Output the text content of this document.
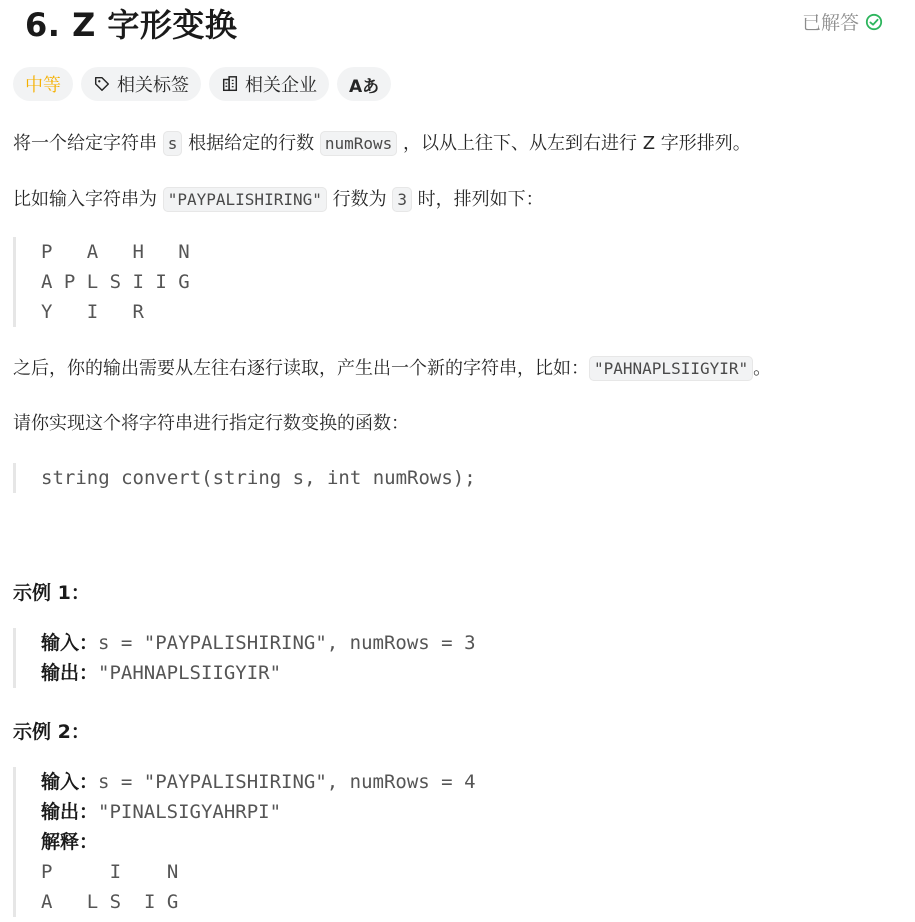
6. Z 字形变换	已解答
中等	相关标签	相关企业 Aあ
将一个给定字符串 s 根据给定的行数 numRows ，以从上往下、从左到右进行 Z 字形排列。
比如输入字符串为 "PAYPALISHIRING" 行数为 3 时，排列如下：
P   A   H   N
A P L S I I G
Y   I   R
之后，你的输出需要从左往右逐行读取，产生出一个新的字符串，比如： "PAHNAPLSIIGYIR" 。
请你实现这个将字符串进行指定行数变换的函数：
string convert(string s, int numRows);
示例 1：
输入：s = "PAYPALISHIRING", numRows = 3
输出："PAHNAPLSIIGYIR"
示例 2：
输入：s = "PAYPALISHIRING", numRows = 4
输出："PINALSIGYAHRPI"
解释：
P     I    N
A   L S  I G
